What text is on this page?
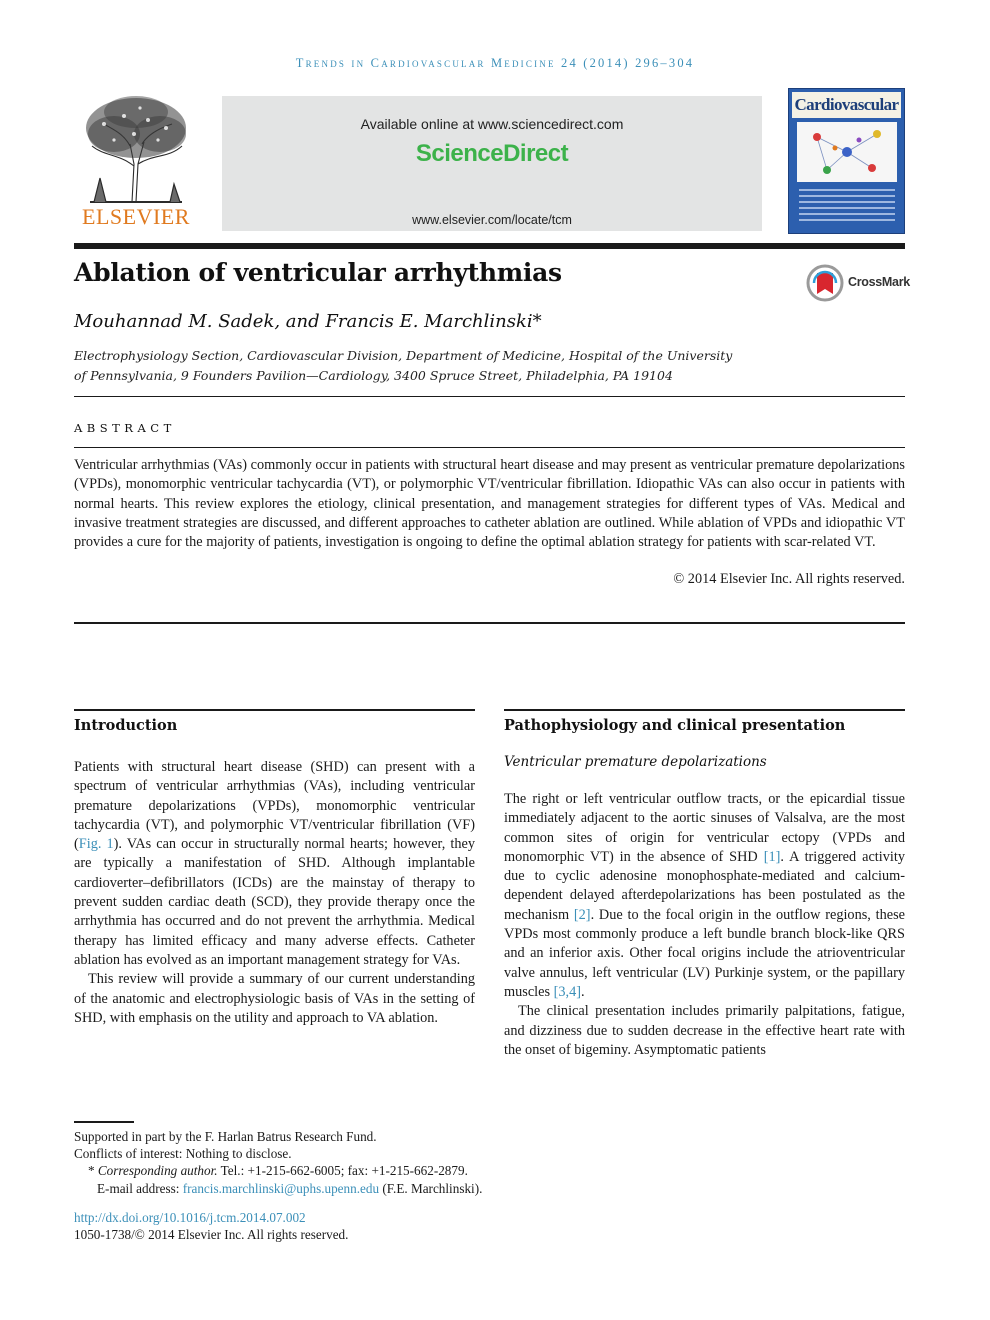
Trends in Cardiovascular Medicine 24 (2014) 296–304
ELSEVIER
Available online at www.sciencedirect.com
ScienceDirect
www.elsevier.com/locate/tcm
Cardiovascular
Ablation of ventricular arrhythmias	CrossMark
Mouhannad M. Sadek, and Francis E. Marchlinski*
Electrophysiology Section, Cardiovascular Division, Department of Medicine, Hospital of the University of Pennsylvania, 9 Founders Pavilion—Cardiology, 3400 Spruce Street, Philadelphia, PA 19104
ABSTRACT
Ventricular arrhythmias (VAs) commonly occur in patients with structural heart disease and may present as ventricular premature depolarizations (VPDs), monomorphic ventricular tachycardia (VT), or polymorphic VT/ventricular fibrillation. Idiopathic VAs can also occur in patients with normal hearts. This review explores the etiology, clinical presentation, and management strategies for different types of VAs. Medical and invasive treatment strategies are discussed, and different approaches to catheter ablation are outlined. While ablation of VPDs and idiopathic VT provides a cure for the majority of patients, investigation is ongoing to define the optimal ablation strategy for patients with scar-related VT.
© 2014 Elsevier Inc. All rights reserved.
Introduction
Patients with structural heart disease (SHD) can present with a spectrum of ventricular arrhythmias (VAs), including ventricular premature depolarizations (VPDs), monomorphic ventricular tachycardia (VT), and polymorphic VT/ventricular fibrillation (VF) (Fig. 1). VAs can occur in structurally normal hearts; however, they are typically a manifestation of SHD. Although implantable cardioverter–defibrillators (ICDs) are the mainstay of therapy to prevent sudden cardiac death (SCD), they provide therapy once the arrhythmia has occurred and do not prevent the arrhythmia. Medical therapy has limited efficacy and many adverse effects. Catheter ablation has evolved as an important management strategy for VAs.
This review will provide a summary of our current understanding of the anatomic and electrophysiologic basis of VAs in the setting of SHD, with emphasis on the utility and approach to VA ablation.
Pathophysiology and clinical presentation
Ventricular premature depolarizations
The right or left ventricular outflow tracts, or the epicardial tissue immediately adjacent to the aortic sinuses of Valsalva, are the most common sites of origin for ventricular ectopy (VPDs and monomorphic VT) in the absence of SHD [1]. A triggered activity due to cyclic adenosine monophosphate-mediated and calcium-dependent delayed afterdepolarizations has been postulated as the mechanism [2]. Due to the focal origin in the outflow regions, these VPDs most commonly produce a left bundle branch block-like QRS and an inferior axis. Other focal origins include the atrioventricular valve annulus, left ventricular (LV) Purkinje system, or the papillary muscles [3,4].
The clinical presentation includes primarily palpitations, fatigue, and dizziness due to sudden decrease in the effective heart rate with the onset of bigeminy. Asymptomatic patients
Supported in part by the F. Harlan Batrus Research Fund.
Conflicts of interest: Nothing to disclose.
* Corresponding author. Tel.: +1-215-662-6005; fax: +1-215-662-2879.
E-mail address: francis.marchlinski@uphs.upenn.edu (F.E. Marchlinski).
http://dx.doi.org/10.1016/j.tcm.2014.07.002
1050-1738/© 2014 Elsevier Inc. All rights reserved.
